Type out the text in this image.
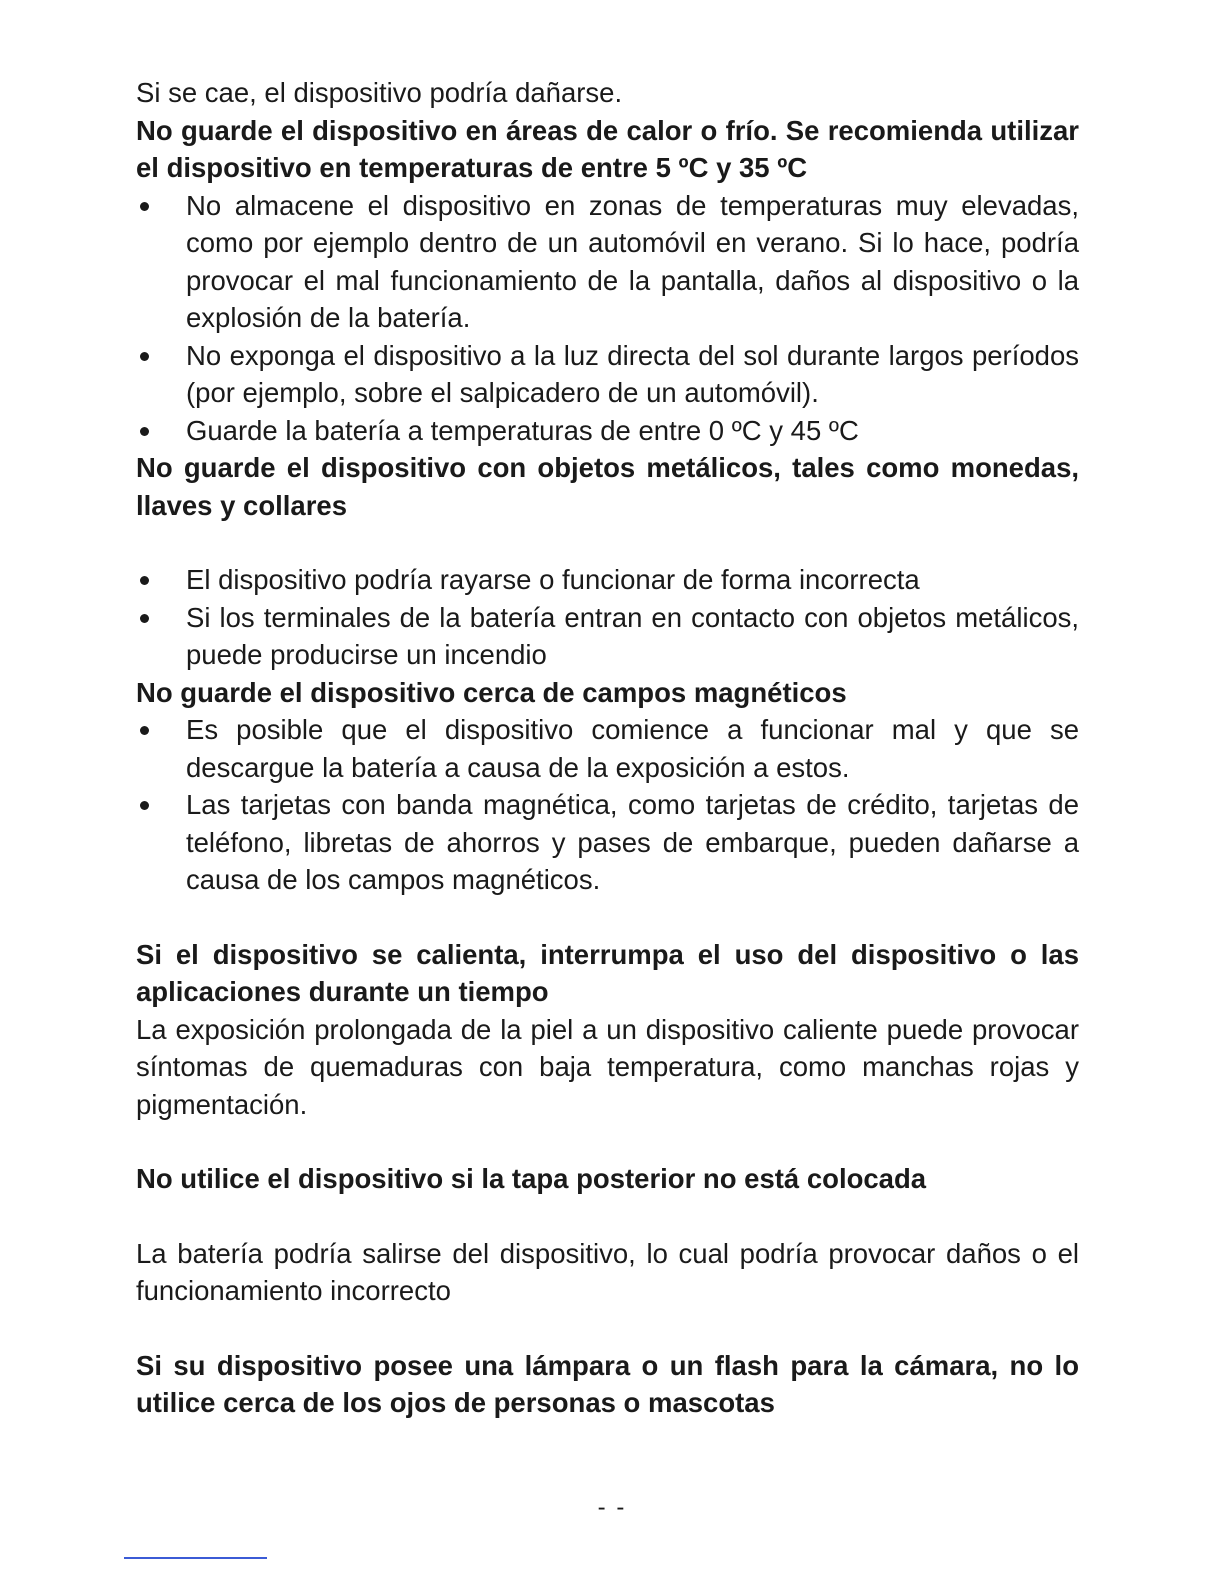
Si se cae, el dispositivo podría dañarse.

No guarde el dispositivo en áreas de calor o frío. Se recomienda utilizar el dispositivo en temperaturas de entre 5 ºC y 35 ºC

No almacene el dispositivo en zonas de temperaturas muy elevadas, como por ejemplo dentro de un automóvil en verano. Si lo hace, podría provocar el mal funcionamiento de la pantalla, daños al dispositivo o la explosión de la batería.
No exponga el dispositivo a la luz directa del sol durante largos períodos (por ejemplo, sobre el salpicadero de un automóvil).
Guarde la batería a temperaturas de entre 0 ºC y 45 ºC

No guarde el dispositivo con objetos metálicos, tales como monedas, llaves y collares

El dispositivo podría rayarse o funcionar de forma incorrecta
Si los terminales de la batería entran en contacto con objetos metálicos, puede producirse un incendio

No guarde el dispositivo cerca de campos magnéticos

Es posible que el dispositivo comience a funcionar mal y que se descargue la batería a causa de la exposición a estos.
Las tarjetas con banda magnética, como tarjetas de crédito, tarjetas de teléfono, libretas de ahorros y pases de embarque, pueden dañarse a causa de los campos magnéticos.

Si el dispositivo se calienta, interrumpa el uso del dispositivo o las aplicaciones durante un tiempo

La exposición prolongada de la piel a un dispositivo caliente puede provocar síntomas de quemaduras con baja temperatura, como manchas rojas y pigmentación.

No utilice el dispositivo si la tapa posterior no está colocada

La batería podría salirse del dispositivo, lo cual podría provocar daños o el funcionamiento incorrecto

Si su dispositivo posee una lámpara o un flash para la cámara, no lo utilice cerca de los ojos de personas o mascotas

- -
